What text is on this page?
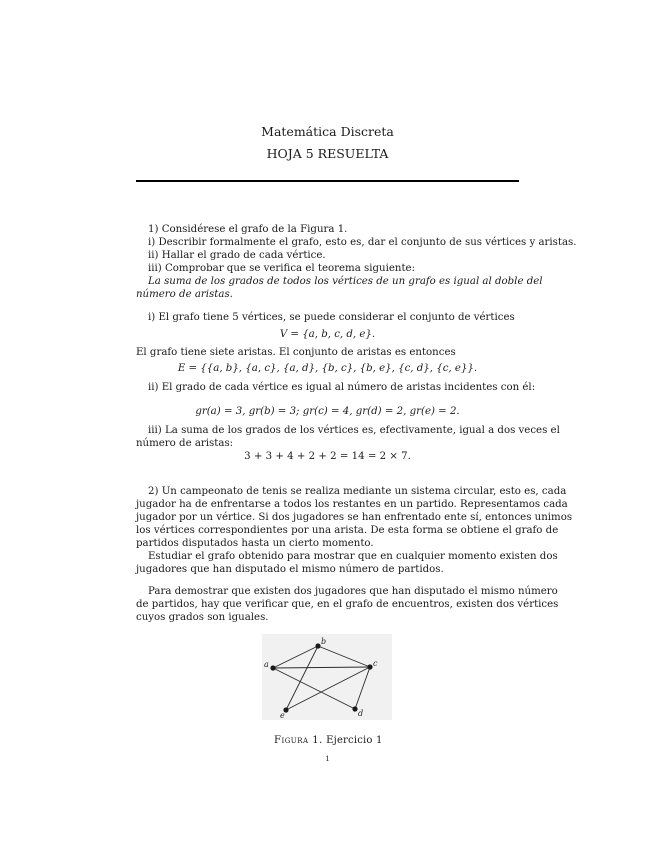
Matemática Discreta
HOJA 5 RESUELTA
1) Considérese el grafo de la Figura 1.
i) Describir formalmente el grafo, esto es, dar el conjunto de sus vértices y aristas.
ii) Hallar el grado de cada vértice.
iii) Comprobar que se verifica el teorema siguiente:
La suma de los grados de todos los vértices de un grafo es igual al doble del
número de aristas.
i) El grafo tiene 5 vértices, se puede considerar el conjunto de vértices
V = {a, b, c, d, e}.
El grafo tiene siete aristas. El conjunto de aristas es entonces
E = {{a, b}, {a, c}, {a, d}, {b, c}, {b, e}, {c, d}, {c, e}}.
ii) El grado de cada vértice es igual al número de aristas incidentes con él:
gr(a) = 3, gr(b) = 3; gr(c) = 4, gr(d) = 2, gr(e) = 2.
iii) La suma de los grados de los vértices es, efectivamente, igual a dos veces el
número de aristas:
3 + 3 + 4 + 2 + 2 = 14 = 2 × 7.
2) Un campeonato de tenis se realiza mediante un sistema circular, esto es, cada
jugador ha de enfrentarse a todos los restantes en un partido. Representamos cada
jugador por un vértice. Si dos jugadores se han enfrentado ente sí, entonces unimos
los vértices correspondientes por una arista. De esta forma se obtiene el grafo de
partidos disputados hasta un cierto momento.
Estudiar el grafo obtenido para mostrar que en cualquier momento existen dos
jugadores que han disputado el mismo número de partidos.
Para demostrar que existen dos jugadores que han disputado el mismo número
de partidos, hay que verificar que, en el grafo de encuentros, existen dos vértices
cuyos grados son iguales.
a
b
c
d
e
Figura 1. Ejercicio 1
1
